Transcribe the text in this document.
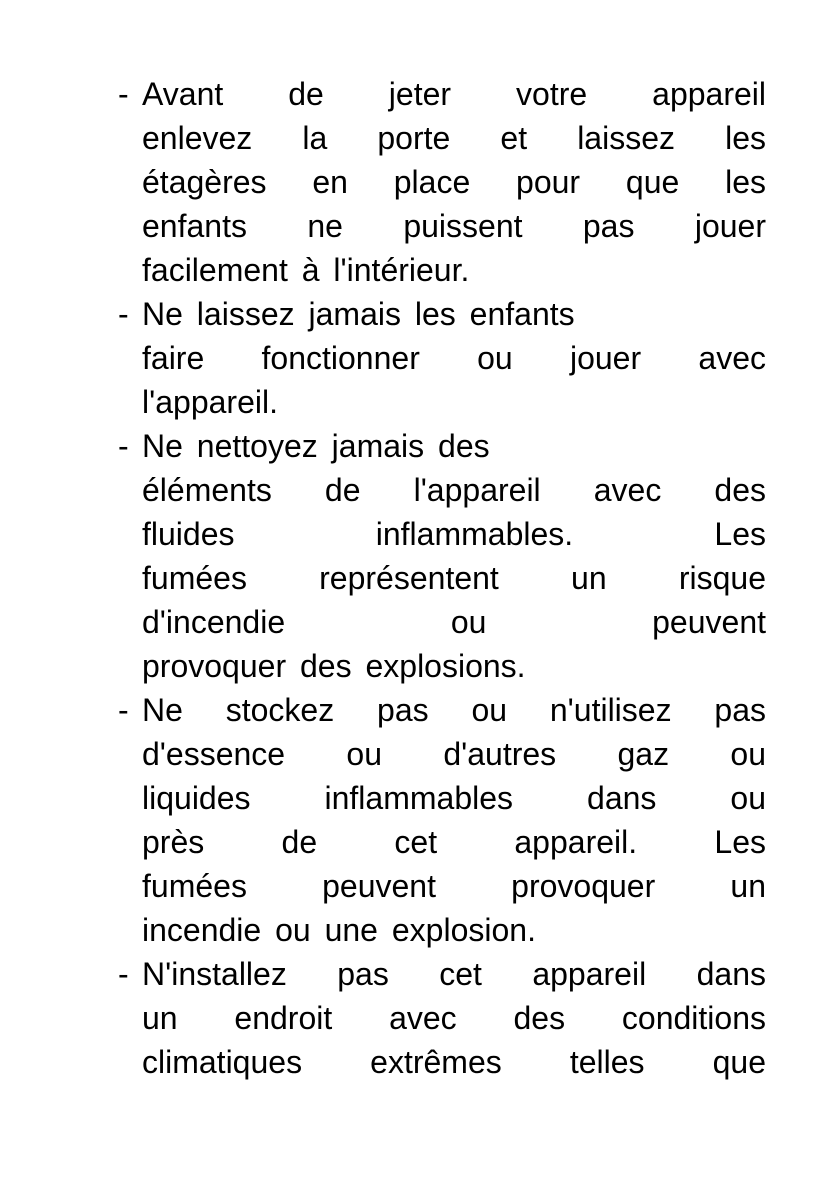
- Avant de jeter votre appareil
enlevez la porte et laissez les
étagères en place pour que les
enfants ne puissent pas jouer
facilement à l'intérieur.
- Ne laissez jamais les enfants
faire fonctionner ou jouer avec
l'appareil.
- Ne nettoyez jamais des
éléments de l'appareil avec des
fluides inflammables. Les
fumées représentent un risque
d'incendie ou peuvent
provoquer des explosions.
- Ne stockez pas ou n'utilisez pas
d'essence ou d'autres gaz ou
liquides inflammables dans ou
près de cet appareil. Les
fumées peuvent provoquer un
incendie ou une explosion.
- N'installez pas cet appareil dans
un endroit avec des conditions
climatiques extrêmes telles que
